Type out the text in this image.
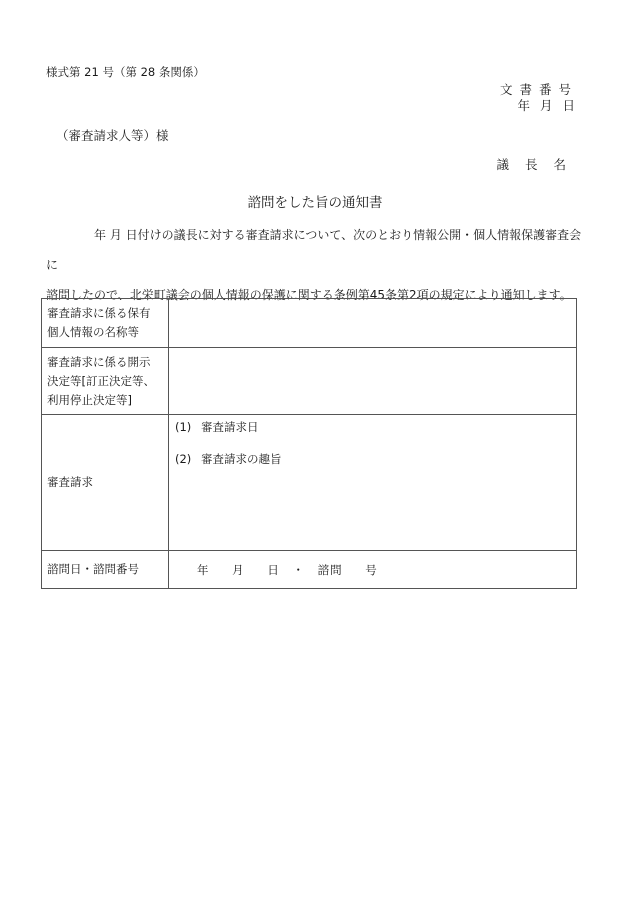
様式第 21 号（第 28 条関係）
文書番号
年 月 日
（審査請求人等）様
議 長 名
諮問をした旨の通知書
年 月 日付けの議長に対する審査請求について、次のとおり情報公開・個人情報保護審査会に
諮問したので、北栄町議会の個人情報の保護に関する条例第45条第2項の規定により通知します。
審査請求に係る保有
個人情報の名称等	

審査請求に係る開示
決定等[訂正決定等、
利用停止決定等]	

審査請求	(1) 審査請求日
(2) 審査請求の趣旨

諮問日・諮問番号	年 月 日 ・ 諮問 号
